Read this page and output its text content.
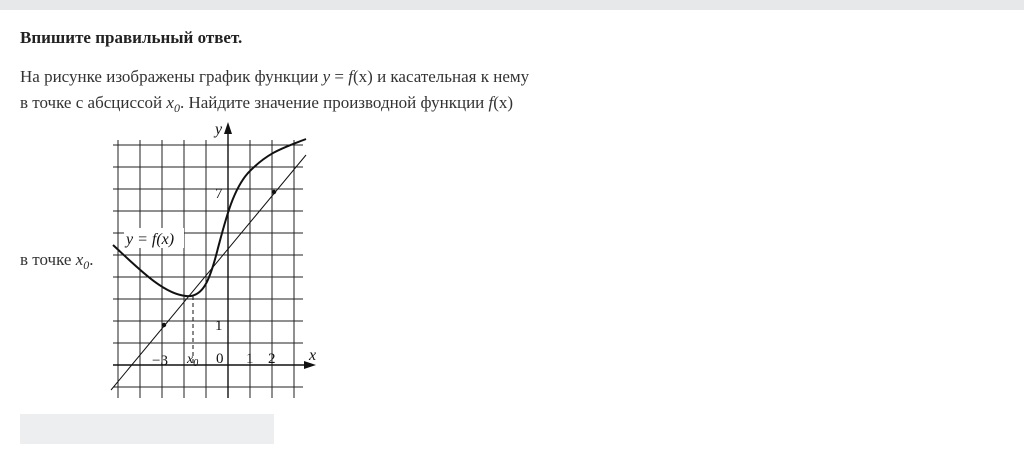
Впишите правильный ответ.
На рисунке изображены график функции y = f(x) и касательная к нему
в точке с абсциссой $x_0$. Найдите значение производной функции f(x)
в точке $x_0$.
y
x
7
1
−3 $x_0$ 0 1 2
y = f(x)
